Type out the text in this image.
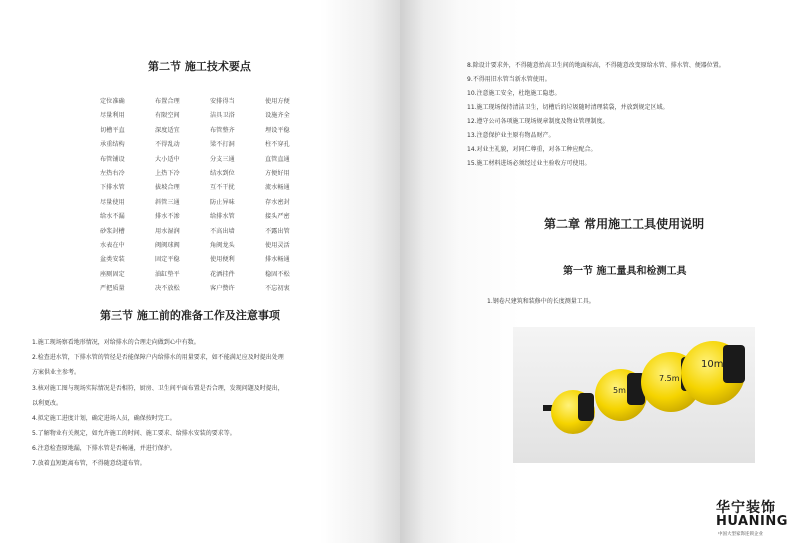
第二节 施工技术要点
定位准确	布置合理	安排得当	使用方便
尽量利用	有限空间	洁具卫浴	设施齐全
切槽平直	深度适宜	布管整齐	埋设平稳
承重结构	不得乱动	梁不打洞	柱不穿孔
布管铺设	大小适中	分支三通	直管直通
左热右冷	上热下冷	结水到位	方便好用
下排水管	拔坡合理	互不干扰	流水畅通
尽量使用	斜管三通	防止异味	存水密封
给水不漏	排水不渗	给排水管	接头严密
砂浆封槽	用水湿润	不高出墙	不露出管
水表在中	阀阀球阀	角阀龙头	使用灵活
盆类安装	固定平稳	使用便利	排水畅通
座厕固定	油缸垫平	花洒挂件	稳固不松
严把质量	决不放松	客户赞许	不忘初衷
第三节 施工前的准备工作及注意事项
1.施工现场察看地形情况，对给排水的合理走向做到心中有数。
2.检查进水管，下排水管的管径是否能保障户内给排水的用量要求，如不能满足应及时提出处理
方案供业主参考。
3.核对施工图与现场实际情况是否相符，厨房、卫生间平面布置是否合理，发现问题及时提出，
以利更改。
4.拟定施工进度计划，确定进场人员，确保按时完工。
5.了解物业有关规定，如允许施工的时间、施工要求、给排水安装的要求等。
6.注意检查原地漏，下排水管是否畅通，并进行保护。
7.放着直短距离布管，不得随意绕道布管。
8.除设计要求外，不得随意抬高卫生间的地面标高，不得随意改变原给水管、排水管、便器位置。
9.不得用旧水管当新水管使用。
10.注意施工安全，杜绝施工隐患。
11.施工现场保持清洁卫生，切槽后的垃圾随时清理装袋，并放到规定区域。
12.遵守公司各项施工现场规章制度及物业管理制度。
13.注意保护业主原有物品财产。
14.对业主礼貌，对同仁尊重，对各工种应配合。
15.施工材料进场必须经过业主验收方可使用。
第二章 常用施工工具使用说明
第一节 施工量具和检测工具
1.钢卷尺建筑和装修中的长度测量工具。
5m
7.5m
10m
华宁装饰
HUANING
中国大型家饰连锁企业
